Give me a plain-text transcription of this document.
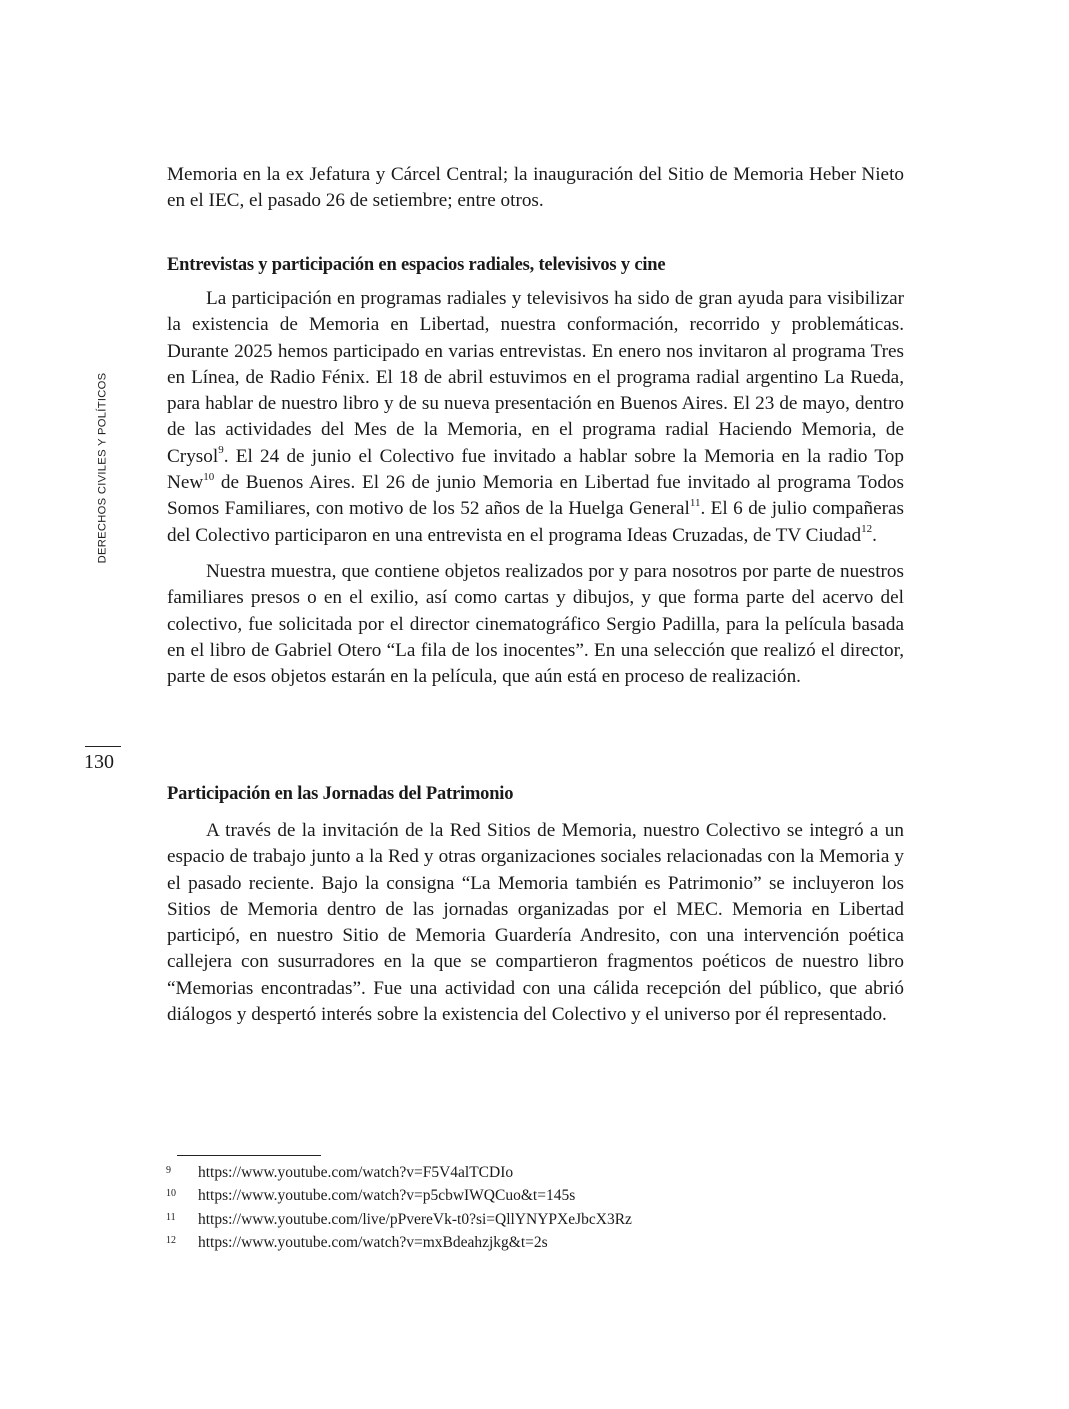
DERECHOS CIVILES Y POLÍTICOS
130

Memoria en la ex Jefatura y Cárcel Central; la inauguración del Sitio de Memoria Heber Nieto en el IEC, el pasado 26 de setiembre; entre otros.

Entrevistas y participación en espacios radiales, televisivos y cine

La participación en programas radiales y televisivos ha sido de gran ayuda para visibilizar la existencia de Memoria en Libertad, nuestra conformación, recorrido y problemáticas. Durante 2025 hemos participado en varias entrevistas. En enero nos invitaron al programa Tres en Línea, de Radio Fénix. El 18 de abril estuvimos en el programa radial argentino La Rueda, para hablar de nuestro libro y de su nueva presentación en Buenos Aires. El 23 de mayo, dentro de las actividades del Mes de la Memoria, en el programa radial Haciendo Memoria, de Crysol$^9$. El 24 de junio el Colectivo fue invitado a hablar sobre la Memoria en la radio Top New$^{10}$ de Buenos Aires. El 26 de junio Memoria en Libertad fue invitado al programa Todos Somos Familiares, con motivo de los 52 años de la Huelga General$^{11}$. El 6 de julio compañeras del Colectivo participaron en una entrevista en el programa Ideas Cruzadas, de TV Ciudad$^{12}$.

Nuestra muestra, que contiene objetos realizados por y para nosotros por parte de nuestros familiares presos o en el exilio, así como cartas y dibujos, y que forma parte del acervo del colectivo, fue solicitada por el director cinematográfico Sergio Padilla, para la película basada en el libro de Gabriel Otero “La fila de los inocentes”. En una selección que realizó el director, parte de esos objetos estarán en la película, que aún está en proceso de realización.

Participación en las Jornadas del Patrimonio

A través de la invitación de la Red Sitios de Memoria, nuestro Colectivo se integró a un espacio de trabajo junto a la Red y otras organizaciones sociales relacionadas con la Memoria y el pasado reciente. Bajo la consigna “La Memoria también es Patrimonio” se incluyeron los Sitios de Memoria dentro de las jornadas organizadas por el MEC. Memoria en Libertad participó, en nuestro Sitio de Memoria Guardería Andresito, con una intervención poética callejera con susurradores en la que se compartieron fragmentos poéticos de nuestro libro “Memorias encontradas”. Fue una actividad con una cálida recepción del público, que abrió diálogos y despertó interés sobre la existencia del Colectivo y el universo por él representado.

9	https://www.youtube.com/watch?v=F5V4alTCDIo
10	https://www.youtube.com/watch?v=p5cbwIWQCuo&t=145s
11	https://www.youtube.com/live/pPvereVk-t0?si=QllYNYPXeJbcX3Rz
12	https://www.youtube.com/watch?v=mxBdeahzjkg&t=2s
